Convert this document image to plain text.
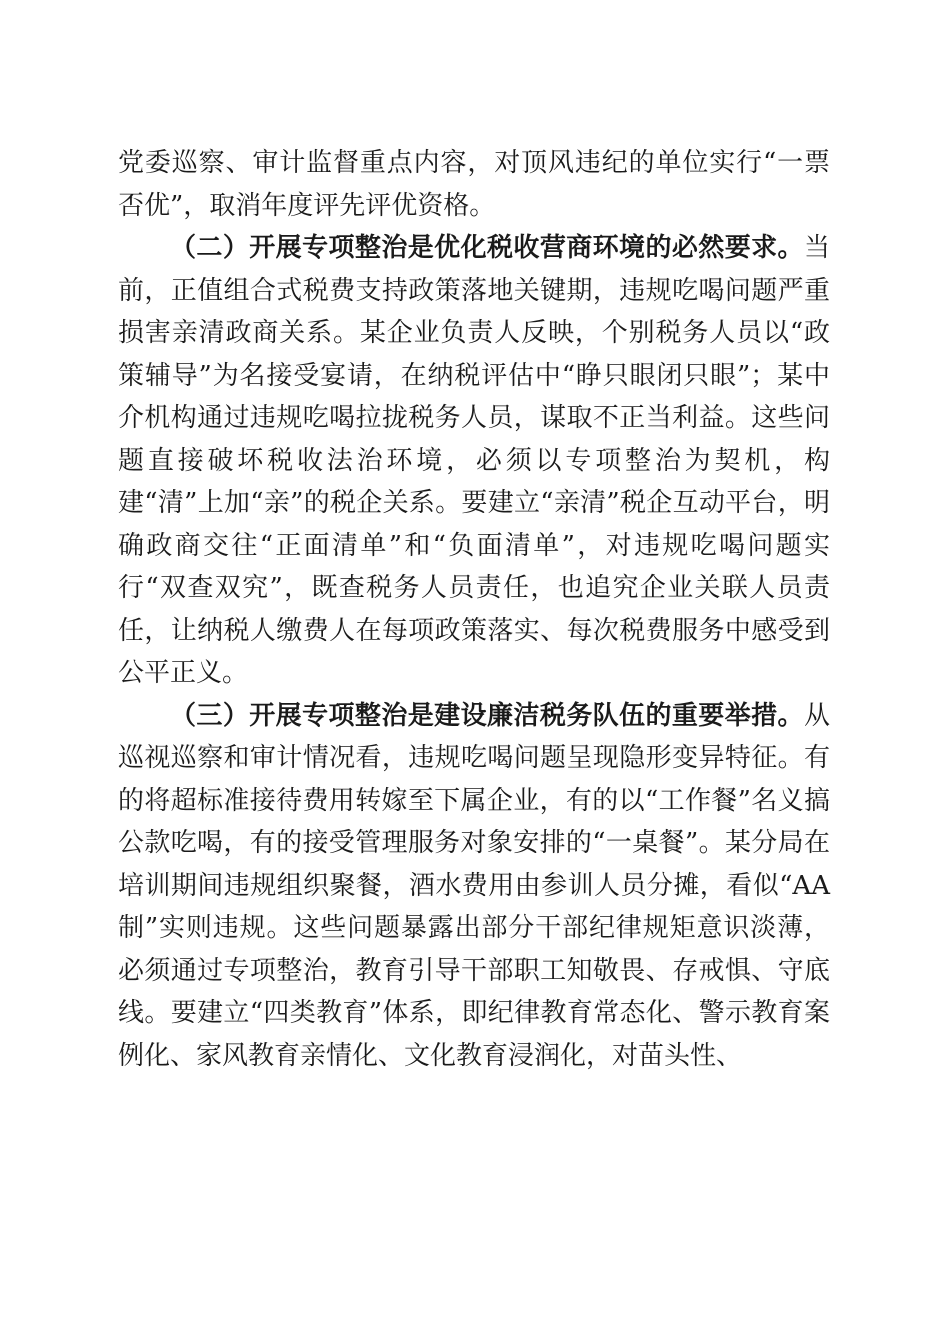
党委巡察、审计监督重点内容，对顶风违纪的单位实行“一票否优”，取消年度评先评优资格。

（二）开展专项整治是优化税收营商环境的必然要求。当前，正值组合式税费支持政策落地关键期，违规吃喝问题严重损害亲清政商关系。某企业负责人反映，个别税务人员以“政策辅导”为名接受宴请，在纳税评估中“睁只眼闭只眼”；某中介机构通过违规吃喝拉拢税务人员，谋取不正当利益。这些问题直接破坏税收法治环境，必须以专项整治为契机，构建“清”上加“亲”的税企关系。要建立“亲清”税企互动平台，明确政商交往“正面清单”和“负面清单”，对违规吃喝问题实行“双查双究”，既查税务人员责任，也追究企业关联人员责任，让纳税人缴费人在每项政策落实、每次税费服务中感受到公平正义。

（三）开展专项整治是建设廉洁税务队伍的重要举措。从巡视巡察和审计情况看，违规吃喝问题呈现隐形变异特征。有的将超标准接待费用转嫁至下属企业，有的以“工作餐”名义搞公款吃喝，有的接受管理服务对象安排的“一桌餐”。某分局在培训期间违规组织聚餐，酒水费用由参训人员分摊，看似“AA制”实则违规。这些问题暴露出部分干部纪律规矩意识淡薄，必须通过专项整治，教育引导干部职工知敬畏、存戒惧、守底线。要建立“四类教育”体系，即纪律教育常态化、警示教育案例化、家风教育亲情化、文化教育浸润化，对苗头性、
